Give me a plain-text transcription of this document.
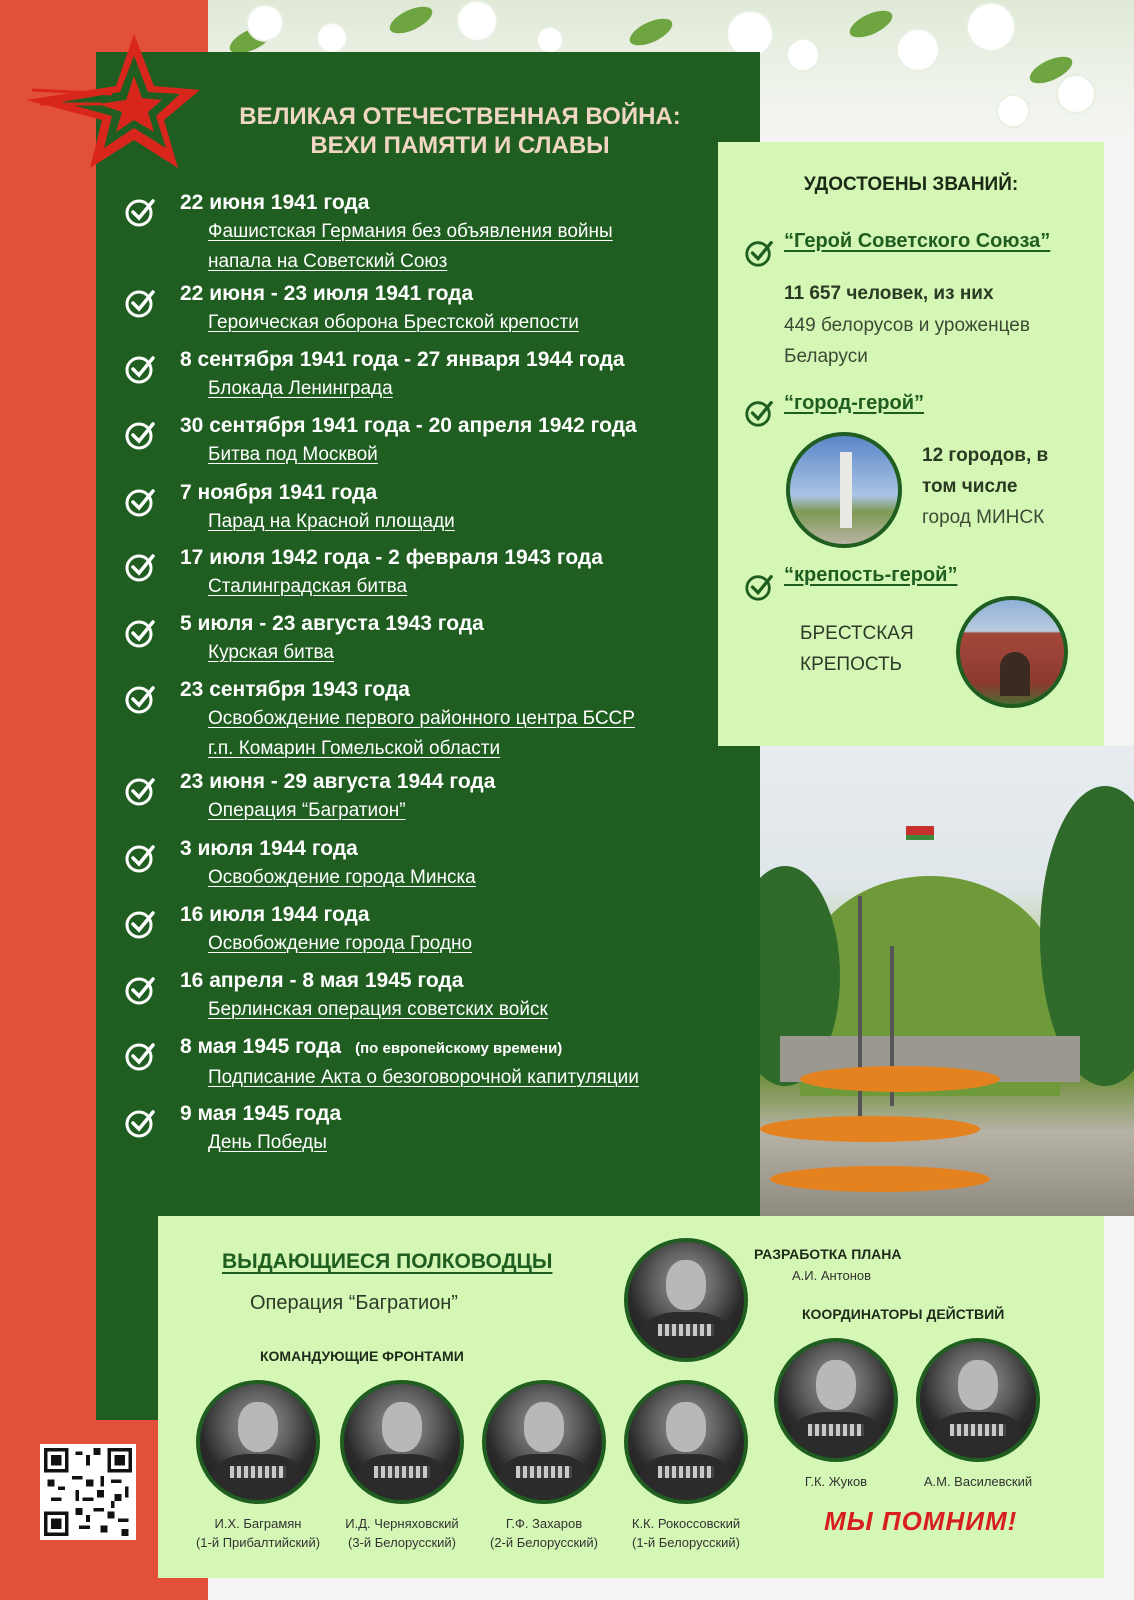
ВЕЛИКАЯ ОТЕЧЕСТВЕННАЯ ВОЙНА:
ВЕХИ ПАМЯТИ И СЛАВЫ
22 июня 1941 года
Фашистская Германия без объявления войны
напала на Советский Союз
22 июня - 23 июля 1941 года
Героическая оборона Брестской крепости
8 сентября 1941 года - 27 января 1944 года
Блокада Ленинграда
30 сентября 1941 года - 20 апреля 1942 года
Битва под Москвой
7 ноября 1941 года
Парад на Красной площади
17 июля 1942 года - 2 февраля 1943 года
Сталинградская битва
5 июля - 23 августа 1943 года
Курская битва
23 сентября 1943 года
Освобождение первого районного центра БССР
г.п. Комарин Гомельской области
23 июня - 29 августа 1944 года
Операция “Багратион”
3 июля 1944 года
Освобождение города Минска
16 июля 1944 года
Освобождение города Гродно
16 апреля - 8 мая 1945 года
Берлинская операция советских войск
8 мая 1945 года (по европейскому времени)
Подписание Акта о безоговорочной капитуляции
9 мая 1945 года
День Победы
УДОСТОЕНЫ ЗВАНИЙ:
“Герой Советского Союза”
11 657 человек, из них
449 белорусов и уроженцев
Беларуси
“город-герой”
12 городов, в
том числе
город МИНСК
“крепость-герой”
БРЕСТСКАЯ
КРЕПОСТЬ
ВЫДАЮЩИЕСЯ ПОЛКОВОДЦЫ
Операция “Багратион”
КОМАНДУЮЩИЕ ФРОНТАМИ
РАЗРАБОТКА ПЛАНА
А.И. Антонов
КООРДИНАТОРЫ ДЕЙСТВИЙ
И.Х. Баграмян
(1-й Прибалтийский)
И.Д. Черняховский
(3-й Белорусский)
Г.Ф. Захаров
(2-й Белорусский)
К.К. Рокоссовский
(1-й Белорусский)
Г.К. Жуков	А.М. Василевский
МЫ ПОМНИМ!
